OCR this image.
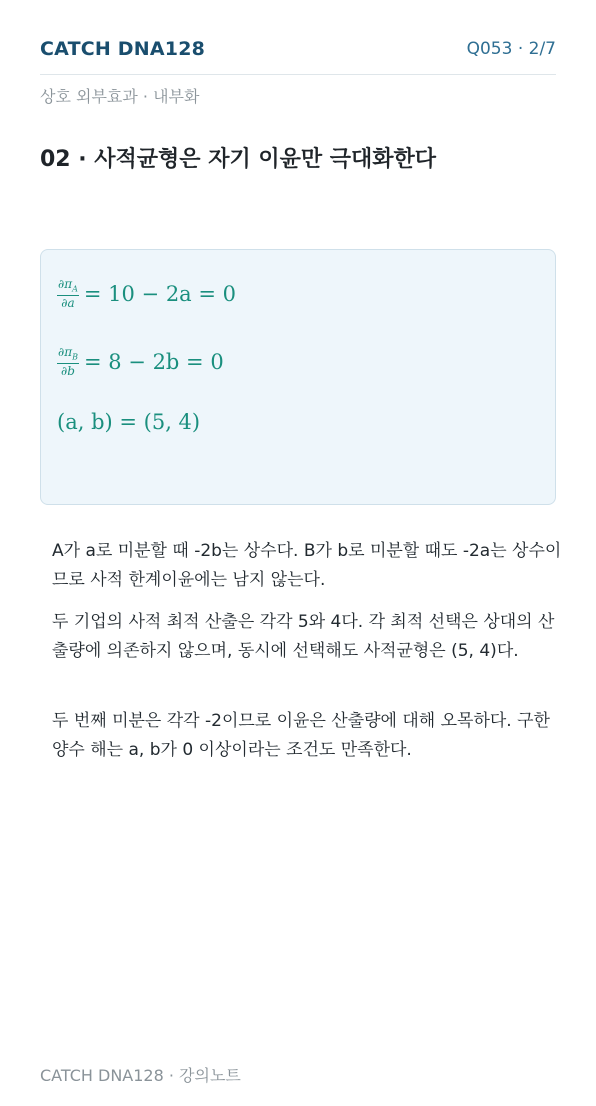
CATCH DNA128	Q053 · 2/7
상호 외부효과 · 내부화
02 · 사적균형은 자기 이윤만 극대화한다
$\frac{\partial\pi_A}{\partial a} = 10 - 2a = 0$
$\frac{\partial\pi_B}{\partial b} = 8 - 2b = 0$
(a, b) = (5, 4)

A가 a로 미분할 때 -2b는 상수다. B가 b로 미분할 때도 -2a는 상수이므로 사적 한계이윤에는 남지 않는다.

두 기업의 사적 최적 산출은 각각 5와 4다. 각 최적 선택은 상대의 산출량에 의존하지 않으며, 동시에 선택해도 사적균형은 (5, 4)다.

두 번째 미분은 각각 -2이므로 이윤은 산출량에 대해 오목하다. 구한 양수 해는 a, b가 0 이상이라는 조건도 만족한다.

CATCH DNA128 · 강의노트
